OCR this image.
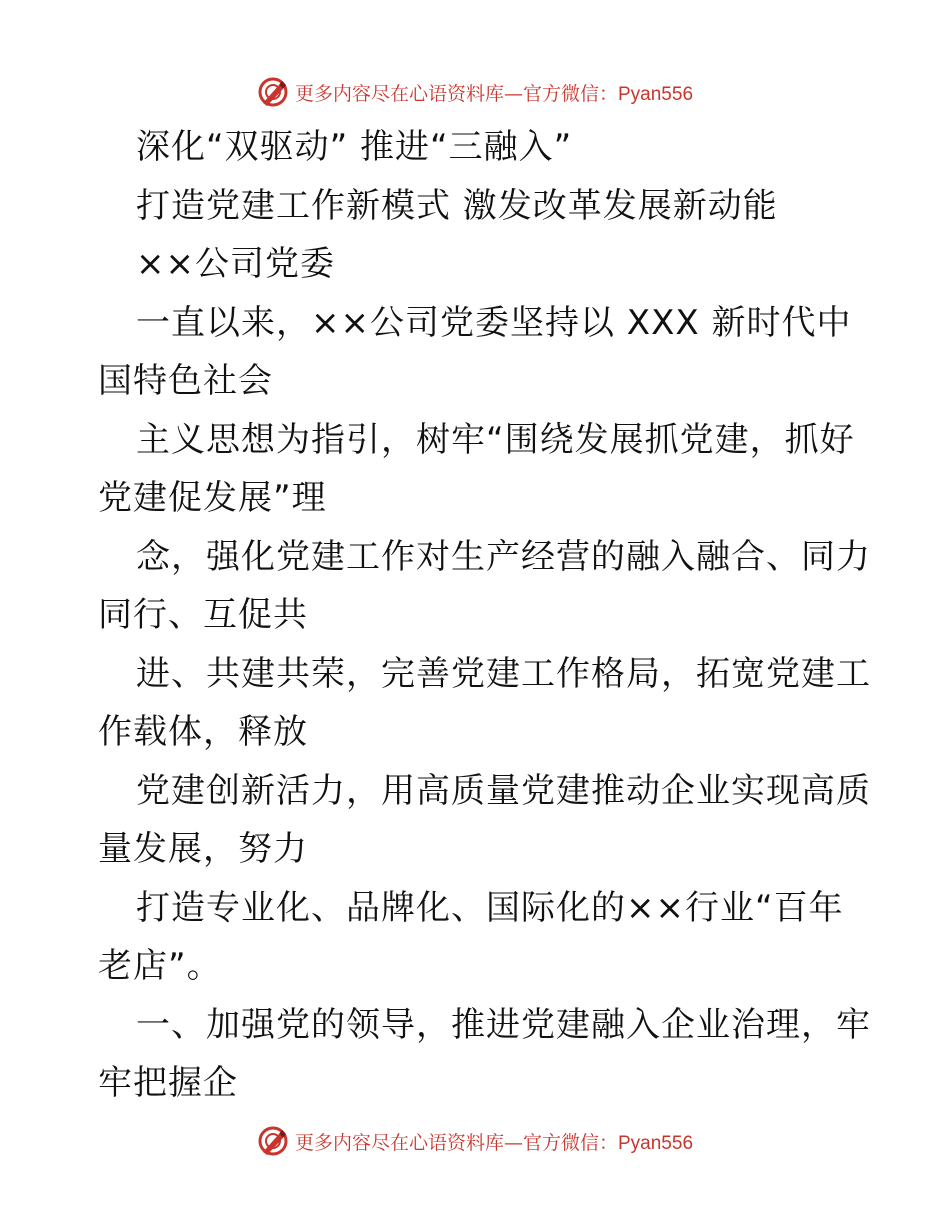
更多内容尽在心语资料库—官方微信：Pyan556
深化“双驱动” 推进“三融入”
打造党建工作新模式 激发改革发展新动能
××公司党委
一直以来，××公司党委坚持以 XXX 新时代中
国特色社会
主义思想为指引，树牢“围绕发展抓党建，抓好
党建促发展”理
念，强化党建工作对生产经营的融入融合、同力
同行、互促共
进、共建共荣，完善党建工作格局，拓宽党建工
作载体，释放
党建创新活力，用高质量党建推动企业实现高质
量发展，努力
打造专业化、品牌化、国际化的××行业“百年
老店”。
一、加强党的领导，推进党建融入企业治理，牢
牢把握企
更多内容尽在心语资料库—官方微信：Pyan556
